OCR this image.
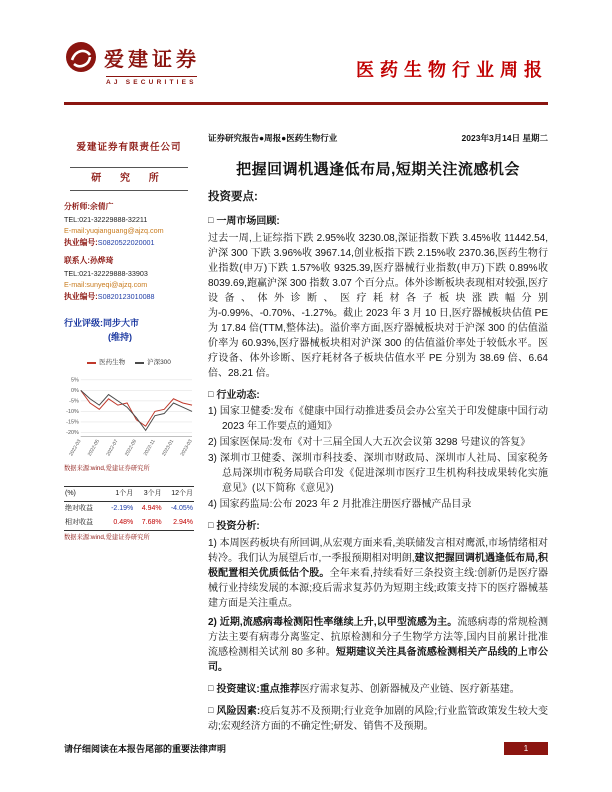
爱建证券
AJ SECURITIES
医药生物行业周报
爱建证券有限责任公司
研 究 所
分析师:余倩广
TEL:021-32229888-32211
E-mail:yuqianguang@ajzq.com
执业编号:S0820522020001
联系人:孙烨琦
TEL:021-32229888-33903
E-mail:sunyeqi@ajzq.com
执业编号:S0820123010088
行业评级:同步大市
(维持)
医药生物	沪深300
5%
0%
-5%
-10%
-15%
-20%
2022-03 2022-05 2022-07 2022-09 2022-11 2023-01 2023-03
数据来源:wind,爱建证券研究所
(%)	1个月	3个月	12个月
绝对收益	-2.19%	4.94%	-4.05%
相对收益	0.48%	7.68%	2.94%
数据来源:wind,爱建证券研究所
证券研究报告●周报●医药生物行业	2023年3月14日 星期二
把握回调机遇逢低布局,短期关注流感机会
投资要点:
□ 一周市场回顾:

过去一周,上证综指下跌 2.95%收 3230.08,深证指数下跌 3.45%收 11442.54,沪深 300 下跌 3.96%收 3967.14,创业板指下跌 2.15%收 2370.36,医药生物行业指数(申万)下跌 1.57%收 9325.39,医疗器械行业指数(申万)下跌 0.89%收 8039.69,跑赢沪深 300 指数 3.07 个百分点。体外诊断板块表现相对较强,医疗设备、体外诊断、医疗耗材各子板块涨跌幅分别为-0.99%、-0.70%、-1.27%。截止 2023 年 3 月 10 日,医疗器械板块估值 PE 为 17.84 倍(TTM,整体法)。溢价率方面,医疗器械板块对于沪深 300 的估值溢价率为 60.93%,医疗器械板块相对沪深 300 的估值溢价率处于较低水平。医疗设备、体外诊断、医疗耗材各子板块估值水平 PE 分别为 38.69 倍、6.64 倍、28.21 倍。

□ 行业动态:
1) 国家卫健委:发布《健康中国行动推进委员会办公室关于印发健康中国行动 2023 年工作要点的通知》
2) 国家医保局:发布《对十三届全国人大五次会议第 3298 号建议的答复》
3) 深圳市卫健委、深圳市科技委、深圳市财政局、深圳市人社局、国家税务总局深圳市税务局联合印发《促进深圳市医疗卫生机构科技成果转化实施意见》(以下简称《意见》)
4) 国家药监局:公布 2023 年 2 月批准注册医疗器械产品目录
□ 投资分析:

1) 本周医药板块有所回调,从宏观方面来看,美联储发言相对鹰派,市场情绪相对转冷。我们认为展望后市,一季报预期相对明朗,建议把握回调机遇逢低布局,积极配置相关优质低估个股。全年来看,持续看好三条投资主线:创新仍是医疗器械行业持续发展的本源;疫后需求复苏仍为短期主线;政策支持下的医疗器械基建方面是关注重点。

2) 近期,流感病毒检测阳性率继续上升,以甲型流感为主。流感病毒的常规检测方法主要有病毒分离鉴定、抗原检测和分子生物学方法等,国内目前累计批准流感检测相关试剂 80 多种。短期建议关注具备流感检测相关产品线的上市公司。

□ 投资建议:重点推荐医疗需求复苏、创新器械及产业链、医疗新基建。

□ 风险因素:疫后复苏不及预期;行业竞争加剧的风险;行业监管政策发生较大变动;宏观经济方面的不确定性;研发、销售不及预期。

请仔细阅读在本报告尾部的重要法律声明	1
